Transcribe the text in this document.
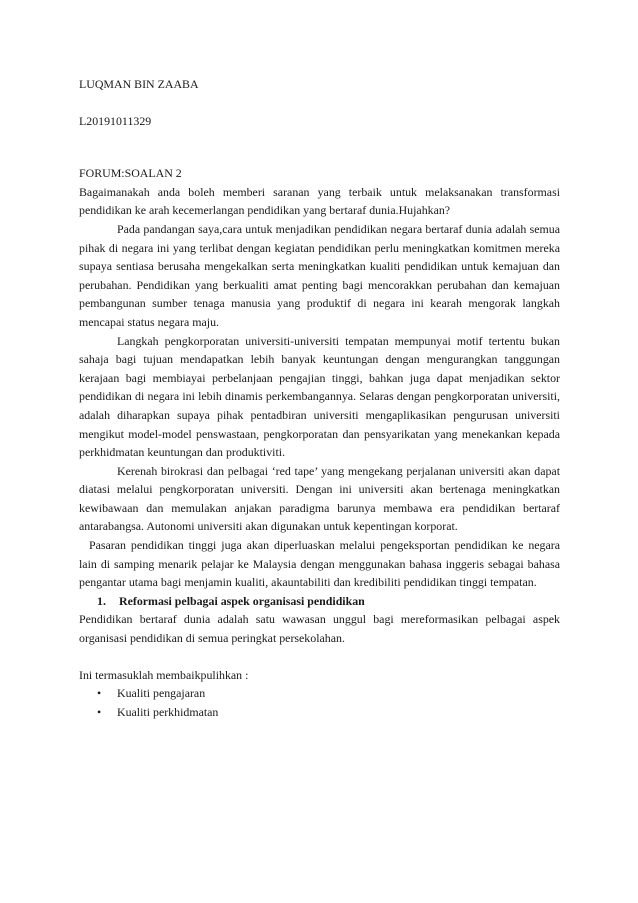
LUQMAN BIN ZAABA

L20191011329

FORUM:SOALAN 2

Bagaimanakah anda boleh memberi saranan yang terbaik untuk melaksanakan transformasi pendidikan ke arah kecemerlangan pendidikan yang bertaraf dunia.Hujahkan?

Pada pandangan saya,cara untuk menjadikan pendidikan negara bertaraf dunia adalah semua pihak di negara ini yang terlibat dengan kegiatan pendidikan perlu meningkatkan komitmen mereka supaya sentiasa berusaha mengekalkan serta meningkatkan kualiti pendidikan untuk kemajuan dan perubahan. Pendidikan yang berkualiti amat penting bagi mencorakkan perubahan dan kemajuan pembangunan sumber tenaga manusia yang produktif di negara ini kearah mengorak langkah mencapai status negara maju.

Langkah pengkorporatan universiti-universiti tempatan mempunyai motif tertentu bukan sahaja bagi tujuan mendapatkan lebih banyak keuntungan dengan mengurangkan tanggungan kerajaan bagi membiayai perbelanjaan pengajian tinggi, bahkan juga dapat menjadikan sektor pendidikan di negara ini lebih dinamis perkembangannya. Selaras dengan pengkorporatan universiti, adalah diharapkan supaya pihak pentadbiran universiti mengaplikasikan pengurusan universiti mengikut model-model penswastaan, pengkorporatan dan pensyarikatan yang menekankan kepada perkhidmatan keuntungan dan produktiviti.

Kerenah birokrasi dan pelbagai ‘red tape’ yang mengekang perjalanan universiti akan dapat diatasi melalui pengkorporatan universiti. Dengan ini universiti akan bertenaga meningkatkan kewibawaan dan memulakan anjakan paradigma barunya membawa era pendidikan bertaraf antarabangsa. Autonomi universiti akan digunakan untuk kepentingan korporat.

Pasaran pendidikan tinggi juga akan diperluaskan melalui pengeksportan pendidikan ke negara lain di samping menarik pelajar ke Malaysia dengan menggunakan bahasa inggeris sebagai bahasa pengantar utama bagi menjamin kualiti, akauntabiliti dan kredibiliti pendidikan tinggi tempatan.

1. Reformasi pelbagai aspek organisasi pendidikan

Pendidikan bertaraf dunia adalah satu wawasan unggul bagi mereformasikan pelbagai aspek organisasi pendidikan di semua peringkat persekolahan.

Ini termasuklah membaikpulihkan :

• Kualiti pengajaran
• Kualiti perkhidmatan
